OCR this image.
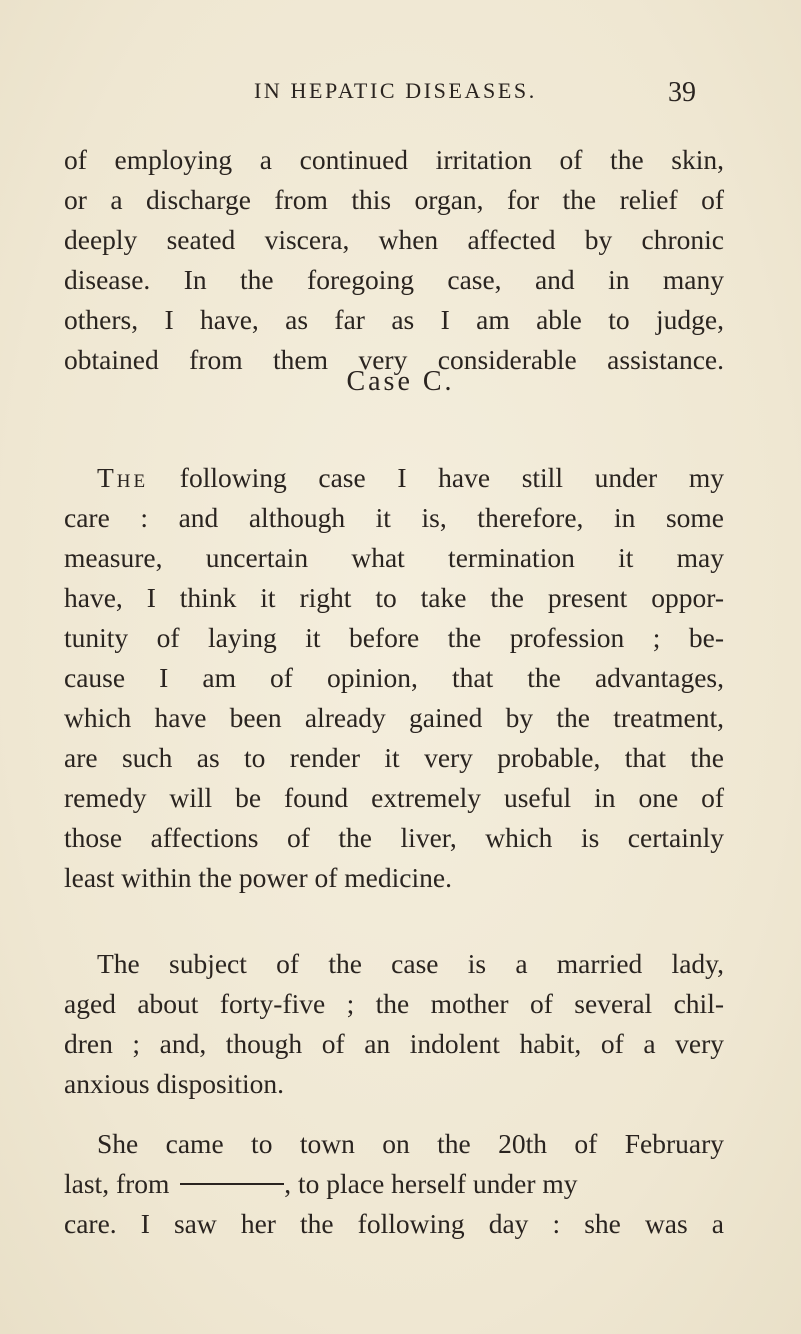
IN HEPATIC DISEASES.	39
of employing a continued irritation of the skin,
or a discharge from this organ, for the relief of
deeply seated viscera, when affected by chronic
disease. In the foregoing case, and in many
others, I have, as far as I am able to judge,
obtained from them very considerable assistance.
Case C.
The following case I have still under my
care : and although it is, therefore, in some
measure, uncertain what termination it may
have, I think it right to take the present oppor-
tunity of laying it before the profession ; be-
cause I am of opinion, that the advantages,
which have been already gained by the treatment,
are such as to render it very probable, that the
remedy will be found extremely useful in one of
those affections of the liver, which is certainly
least within the power of medicine.
The subject of the case is a married lady,
aged about forty-five ; the mother of several chil-
dren ; and, though of an indolent habit, of a very
anxious disposition.
She came to town on the 20th of February
last, from	, to place herself under my
care. I saw her the following day : she was a
